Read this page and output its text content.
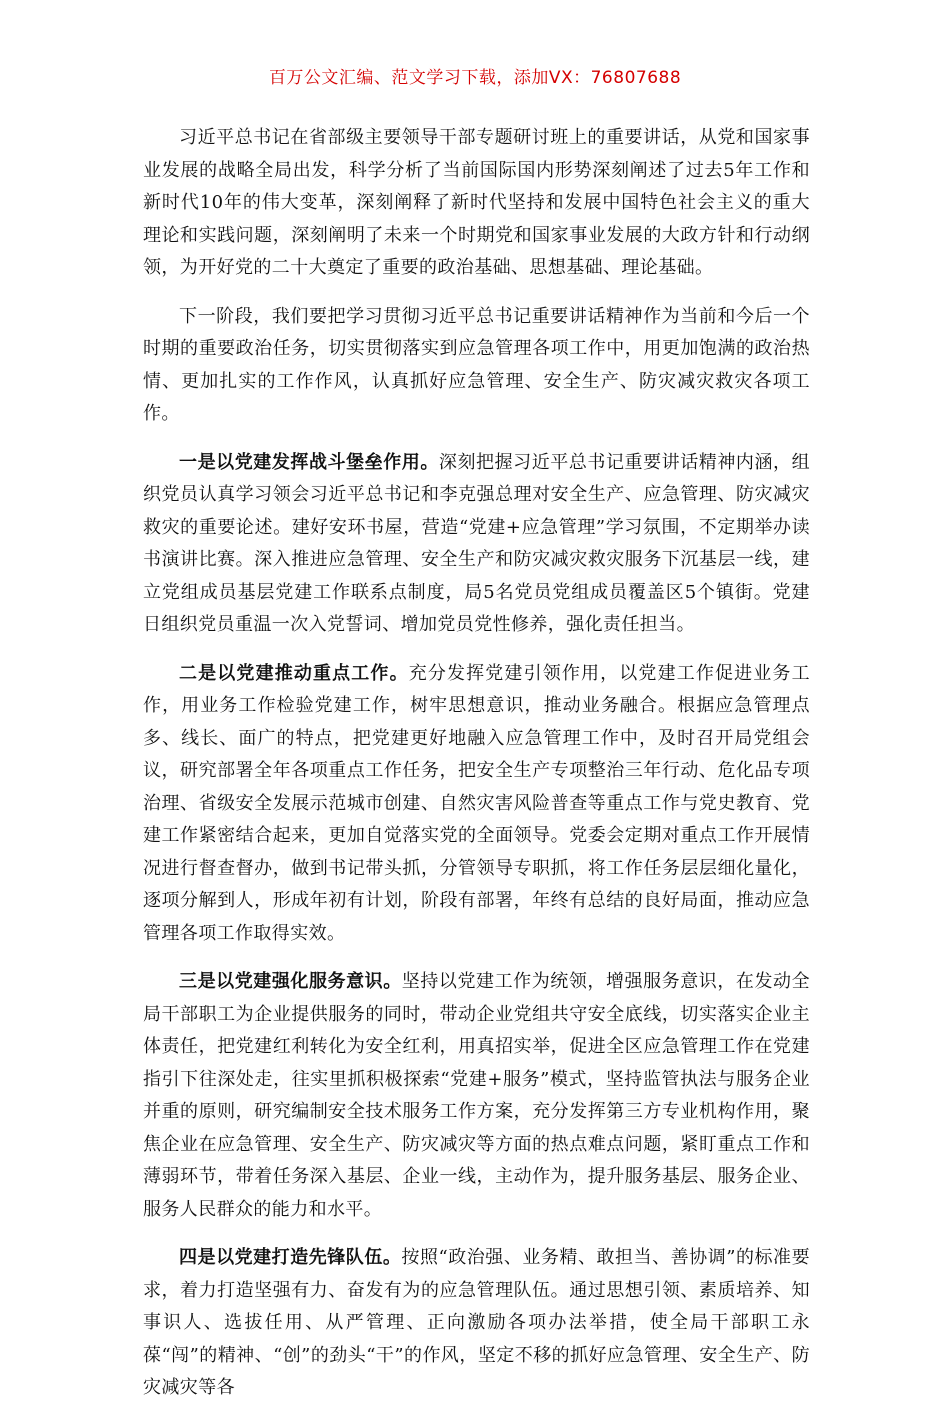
百万公文汇编、范文学习下载，添加VX：76807688

习近平总书记在省部级主要领导干部专题研讨班上的重要讲话，从党和国家事业发展的战略全局出发，科学分析了当前国际国内形势深刻阐述了过去5年工作和新时代10年的伟大变革，深刻阐释了新时代坚持和发展中国特色社会主义的重大理论和实践问题，深刻阐明了未来一个时期党和国家事业发展的大政方针和行动纲领，为开好党的二十大奠定了重要的政治基础、思想基础、理论基础。

下一阶段，我们要把学习贯彻习近平总书记重要讲话精神作为当前和今后一个时期的重要政治任务，切实贯彻落实到应急管理各项工作中，用更加饱满的政治热情、更加扎实的工作作风，认真抓好应急管理、安全生产、防灾减灾救灾各项工作。

一是以党建发挥战斗堡垒作用。深刻把握习近平总书记重要讲话精神内涵，组织党员认真学习领会习近平总书记和李克强总理对安全生产、应急管理、防灾减灾救灾的重要论述。建好安环书屋，营造“党建+应急管理”学习氛围，不定期举办读书演讲比赛。深入推进应急管理、安全生产和防灾减灾救灾服务下沉基层一线，建立党组成员基层党建工作联系点制度，局5名党员党组成员覆盖区5个镇街。党建日组织党员重温一次入党誓词、增加党员党性修养，强化责任担当。

二是以党建推动重点工作。充分发挥党建引领作用，以党建工作促进业务工作，用业务工作检验党建工作，树牢思想意识，推动业务融合。根据应急管理点多、线长、面广的特点，把党建更好地融入应急管理工作中，及时召开局党组会议，研究部署全年各项重点工作任务，把安全生产专项整治三年行动、危化品专项治理、省级安全发展示范城市创建、自然灾害风险普查等重点工作与党史教育、党建工作紧密结合起来，更加自觉落实党的全面领导。党委会定期对重点工作开展情况进行督查督办，做到书记带头抓，分管领导专职抓，将工作任务层层细化量化，逐项分解到人，形成年初有计划，阶段有部署，年终有总结的良好局面，推动应急管理各项工作取得实效。

三是以党建强化服务意识。坚持以党建工作为统领，增强服务意识，在发动全局干部职工为企业提供服务的同时，带动企业党组共守安全底线，切实落实企业主体责任，把党建红利转化为安全红利，用真招实举，促进全区应急管理工作在党建指引下往深处走，往实里抓积极探索“党建+服务”模式，坚持监管执法与服务企业并重的原则，研究编制安全技术服务工作方案，充分发挥第三方专业机构作用，聚焦企业在应急管理、安全生产、防灾减灾等方面的热点难点问题，紧盯重点工作和薄弱环节，带着任务深入基层、企业一线，主动作为，提升服务基层、服务企业、服务人民群众的能力和水平。

四是以党建打造先锋队伍。按照“政治强、业务精、敢担当、善协调”的标准要求，着力打造坚强有力、奋发有为的应急管理队伍。通过思想引领、素质培养、知事识人、选拔任用、从严管理、正向激励各项办法举措，使全局干部职工永葆“闯”的精神、“创”的劲头“干”的作风，坚定不移的抓好应急管理、安全生产、防灾减灾等各
